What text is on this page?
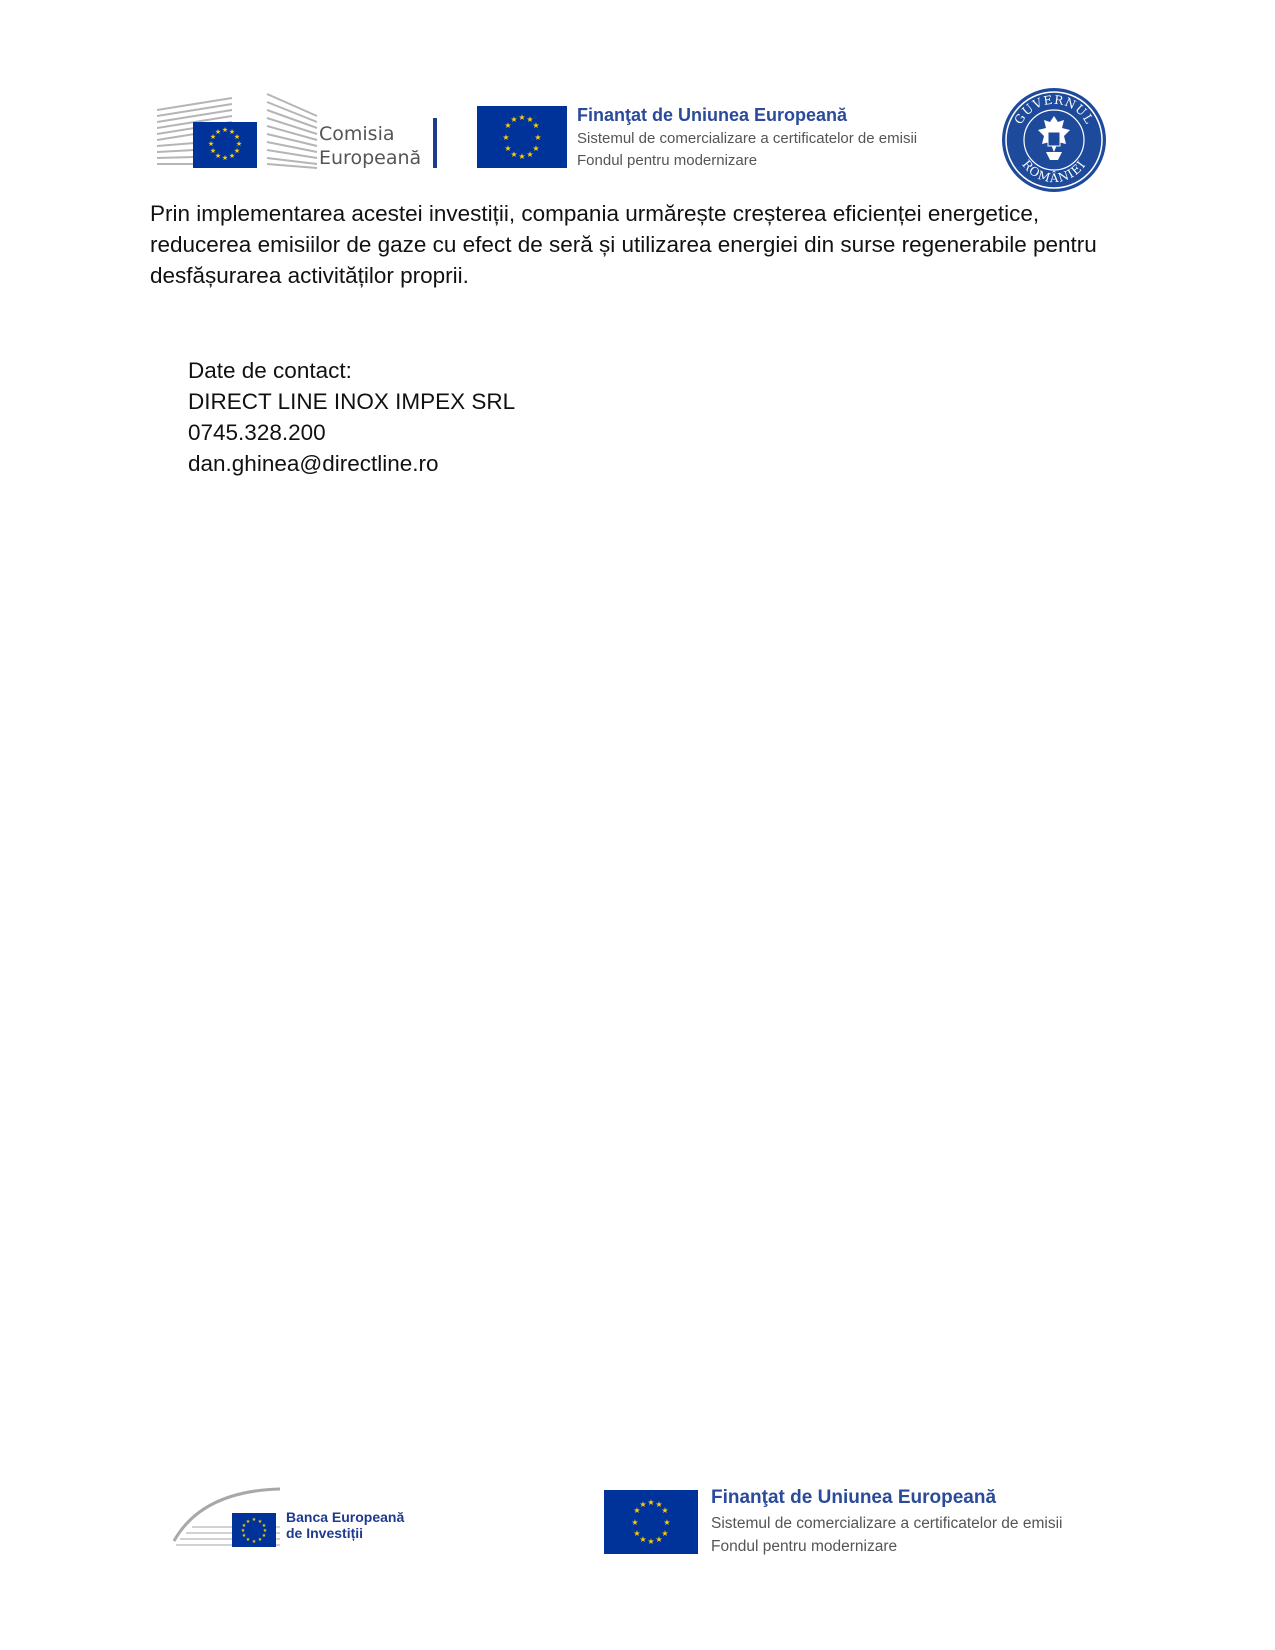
★ ★
★
★
★
★
★
★
★
★
★
★	Comisia
Europeană
★ ★
★
★
★
★
★
★
★
★
★
★	Finanţat de Uniunea Europeană
Sistemul de comercializare a certificatelor de emisii
Fondul pentru modernizare
GUVERNUL
ROMÂNIEI
Prin implementarea acestei investiții, compania urmărește creșterea eficienței energetice, reducerea emisiilor de gaze cu efect de seră și utilizarea energiei din surse regenerabile pentru desfășurarea activităților proprii.
Date de contact:
DIRECT LINE INOX IMPEX SRL
0745.328.200
dan.ghinea@directline.ro
★ ★
★
★
★
★
★
★
★
★
★
★	Banca Europeană
de Investiții
★ ★
★
★
★
★
★
★
★
★
★
★	Finanţat de Uniunea Europeană
Sistemul de comercializare a certificatelor de emisii
Fondul pentru modernizare
